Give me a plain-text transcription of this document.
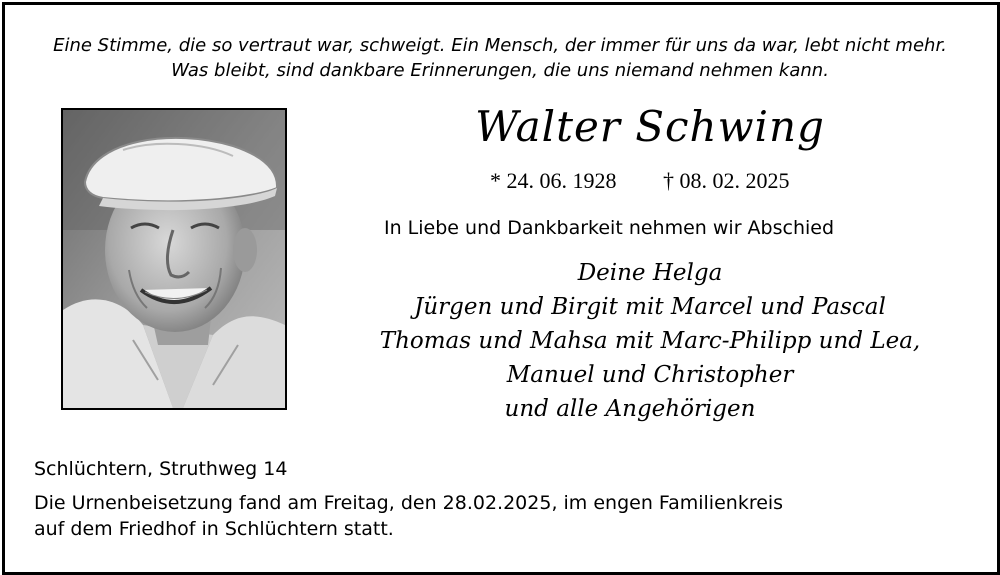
Eine Stimme, die so vertraut war, schweigt. Ein Mensch, der immer für uns da war, lebt nicht mehr.
Was bleibt, sind dankbare Erinnerungen, die uns niemand nehmen kann.
Walter Schwing
* 24. 06. 1928 † 08. 02. 2025
In Liebe und Dankbarkeit nehmen wir Abschied
Deine Helga
Jürgen und Birgit mit Marcel und Pascal
Thomas und Mahsa mit Marc-Philipp und Lea,
Manuel und Christopher
und alle Angehörigen
Schlüchtern, Struthweg 14
Die Urnenbeisetzung fand am Freitag, den 28.02.2025, im engen Familienkreis
auf dem Friedhof in Schlüchtern statt.
